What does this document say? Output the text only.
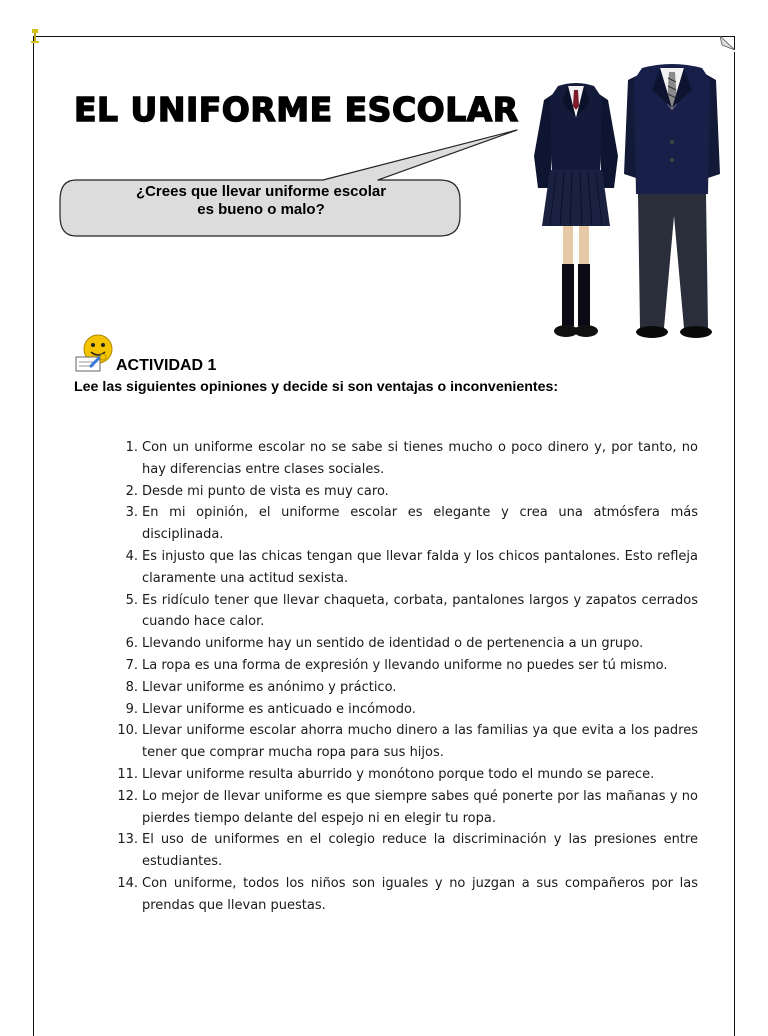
EL UNIFORME ESCOLAR
¿Crees que llevar uniforme escolar
es bueno o malo?
ACTIVIDAD 1

Lee las siguientes opiniones y decide si son ventajas o inconvenientes:

1. Con un uniforme escolar no se sabe si tienes mucho o poco dinero y, por tanto, no hay diferencias entre clases sociales.
2. Desde mi punto de vista es muy caro.
3. En mi opinión, el uniforme escolar es elegante y crea una atmósfera más disciplinada.
4. Es injusto que las chicas tengan que llevar falda y los chicos pantalones. Esto refleja claramente una actitud sexista.
5. Es ridículo tener que llevar chaqueta, corbata, pantalones largos y zapatos cerrados cuando hace calor.
6. Llevando uniforme hay un sentido de identidad o de pertenencia a un grupo.
7. La ropa es una forma de expresión y llevando uniforme no puedes ser tú mismo.
8. Llevar uniforme es anónimo y práctico.
9. Llevar uniforme es anticuado e incómodo.
10. Llevar uniforme escolar ahorra mucho dinero a las familias ya que evita a los padres tener que comprar mucha ropa para sus hijos.
11. Llevar uniforme resulta aburrido y monótono porque todo el mundo se parece.
12. Lo mejor de llevar uniforme es que siempre sabes qué ponerte por las mañanas y no pierdes tiempo delante del espejo ni en elegir tu ropa.
13. El uso de uniformes en el colegio reduce la discriminación y las presiones entre estudiantes.
14. Con uniforme, todos los niños son iguales y no juzgan a sus compañeros por las prendas que llevan puestas.
